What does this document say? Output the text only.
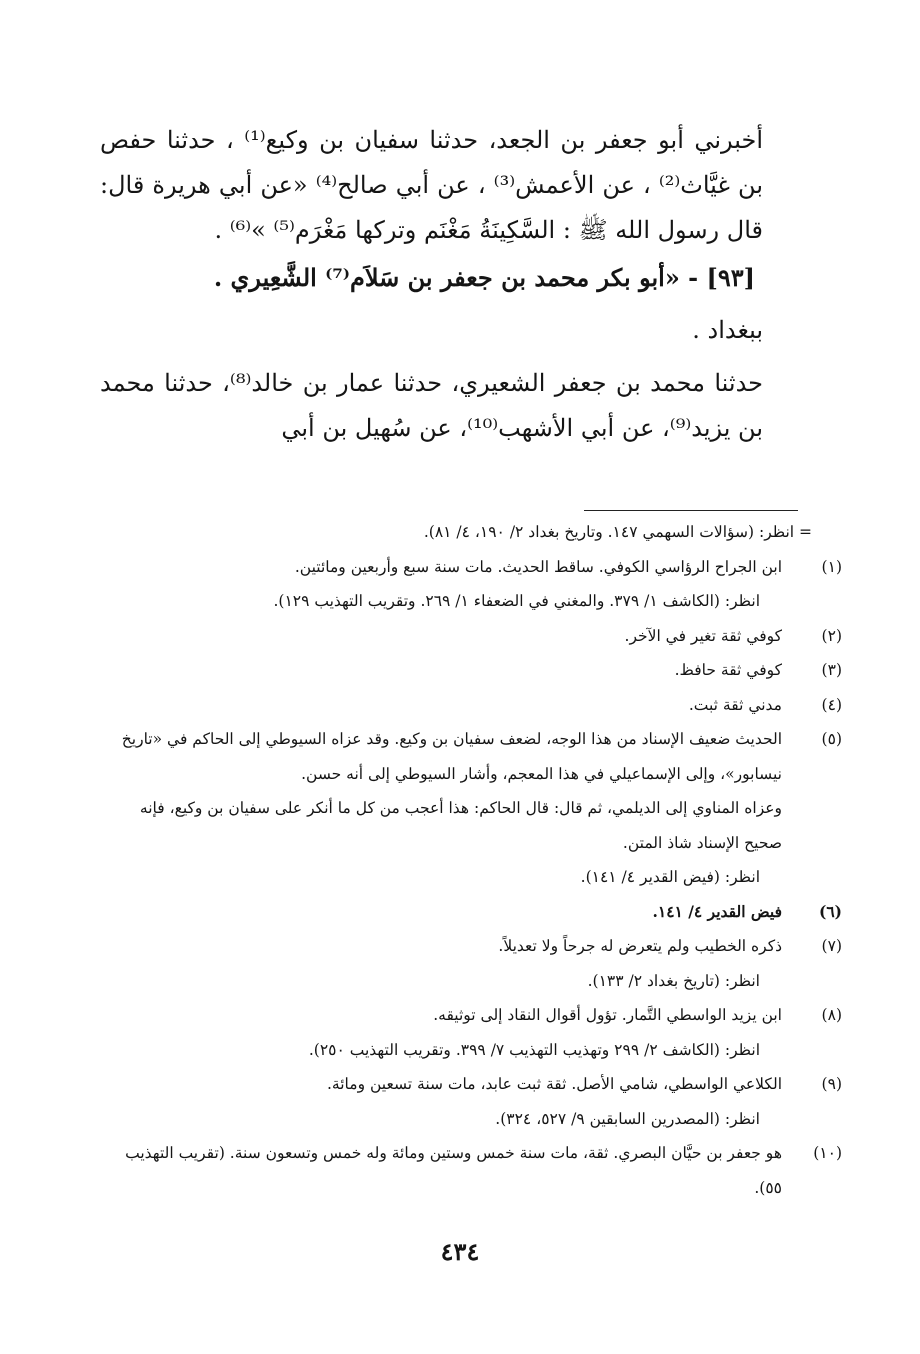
أخبرني أبو جعفر بن الجعد، حدثنا سفيان بن وكيع⁽¹⁾ ، حدثنا حفص بن غيَّاث⁽²⁾ ، عن الأعمش⁽³⁾ ، عن أبي صالح⁽⁴⁾ «عن أبي هريرة قال: قال رسول الله ﷺ : السَّكِينَةُ مَغْنَم وتركها مَغْرَم⁽⁵⁾ »⁽⁶⁾ .

[٩٣] - «أبو بكر محمد بن جعفر بن سَلاَم⁽⁷⁾ الشَّعِيري .

ببغداد .

حدثنا محمد بن جعفر الشعيري، حدثنا عمار بن خالد⁽⁸⁾، حدثنا محمد بن يزيد⁽⁹⁾، عن أبي الأشهب⁽¹⁰⁾، عن سُهيل بن أبي

= انظر: (سؤالات السهمي ١٤٧. وتاريخ بغداد ٢/ ١٩٠، ٤/ ٨١).

(١)ابن الجراح الرؤاسي الكوفي. ساقط الحديث. مات سنة سبع وأربعين ومائتين.

انظر: (الكاشف ١/ ٣٧٩. والمغني في الضعفاء ١/ ٢٦٩. وتقريب التهذيب ١٢٩).

(٢)كوفي ثقة تغير في الآخر.

(٣)كوفي ثقة حافظ.

(٤)مدني ثقة ثبت.

(٥)الحديث ضعيف الإسناد من هذا الوجه، لضعف سفيان بن وكيع. وقد عزاه السيوطي إلى الحاكم في «تاريخ نيسابور»، وإلى الإسماعيلي في هذا المعجم، وأشار السيوطي إلى أنه حسن.

وعزاه المناوي إلى الديلمي، ثم قال: قال الحاكم: هذا أعجب من كل ما أنكر على سفيان بن وكيع، فإنه صحيح الإسناد شاذ المتن.

انظر: (فيض القدير ٤/ ١٤١).

(٦)فيض القدير ٤/ ١٤١.

(٧)ذكره الخطيب ولم يتعرض له جرحاً ولا تعديلاً.

انظر: (تاريخ بغداد ٢/ ١٣٣).

(٨)ابن يزيد الواسطي التَّمار. تؤول أقوال النقاد إلى توثيقه.

انظر: (الكاشف ٢/ ٢٩٩ وتهذيب التهذيب ٧/ ٣٩٩. وتقريب التهذيب ٢٥٠).

(٩)الكلاعي الواسطي، شامي الأصل. ثقة ثبت عابد، مات سنة تسعين ومائة.

انظر: (المصدرين السابقين ٩/ ٥٢٧، ٣٢٤).

(١٠)هو جعفر بن حيَّان البصري. ثقة، مات سنة خمس وستين ومائة وله خمس وتسعون سنة. (تقريب التهذيب ٥٥).

٤٣٤
